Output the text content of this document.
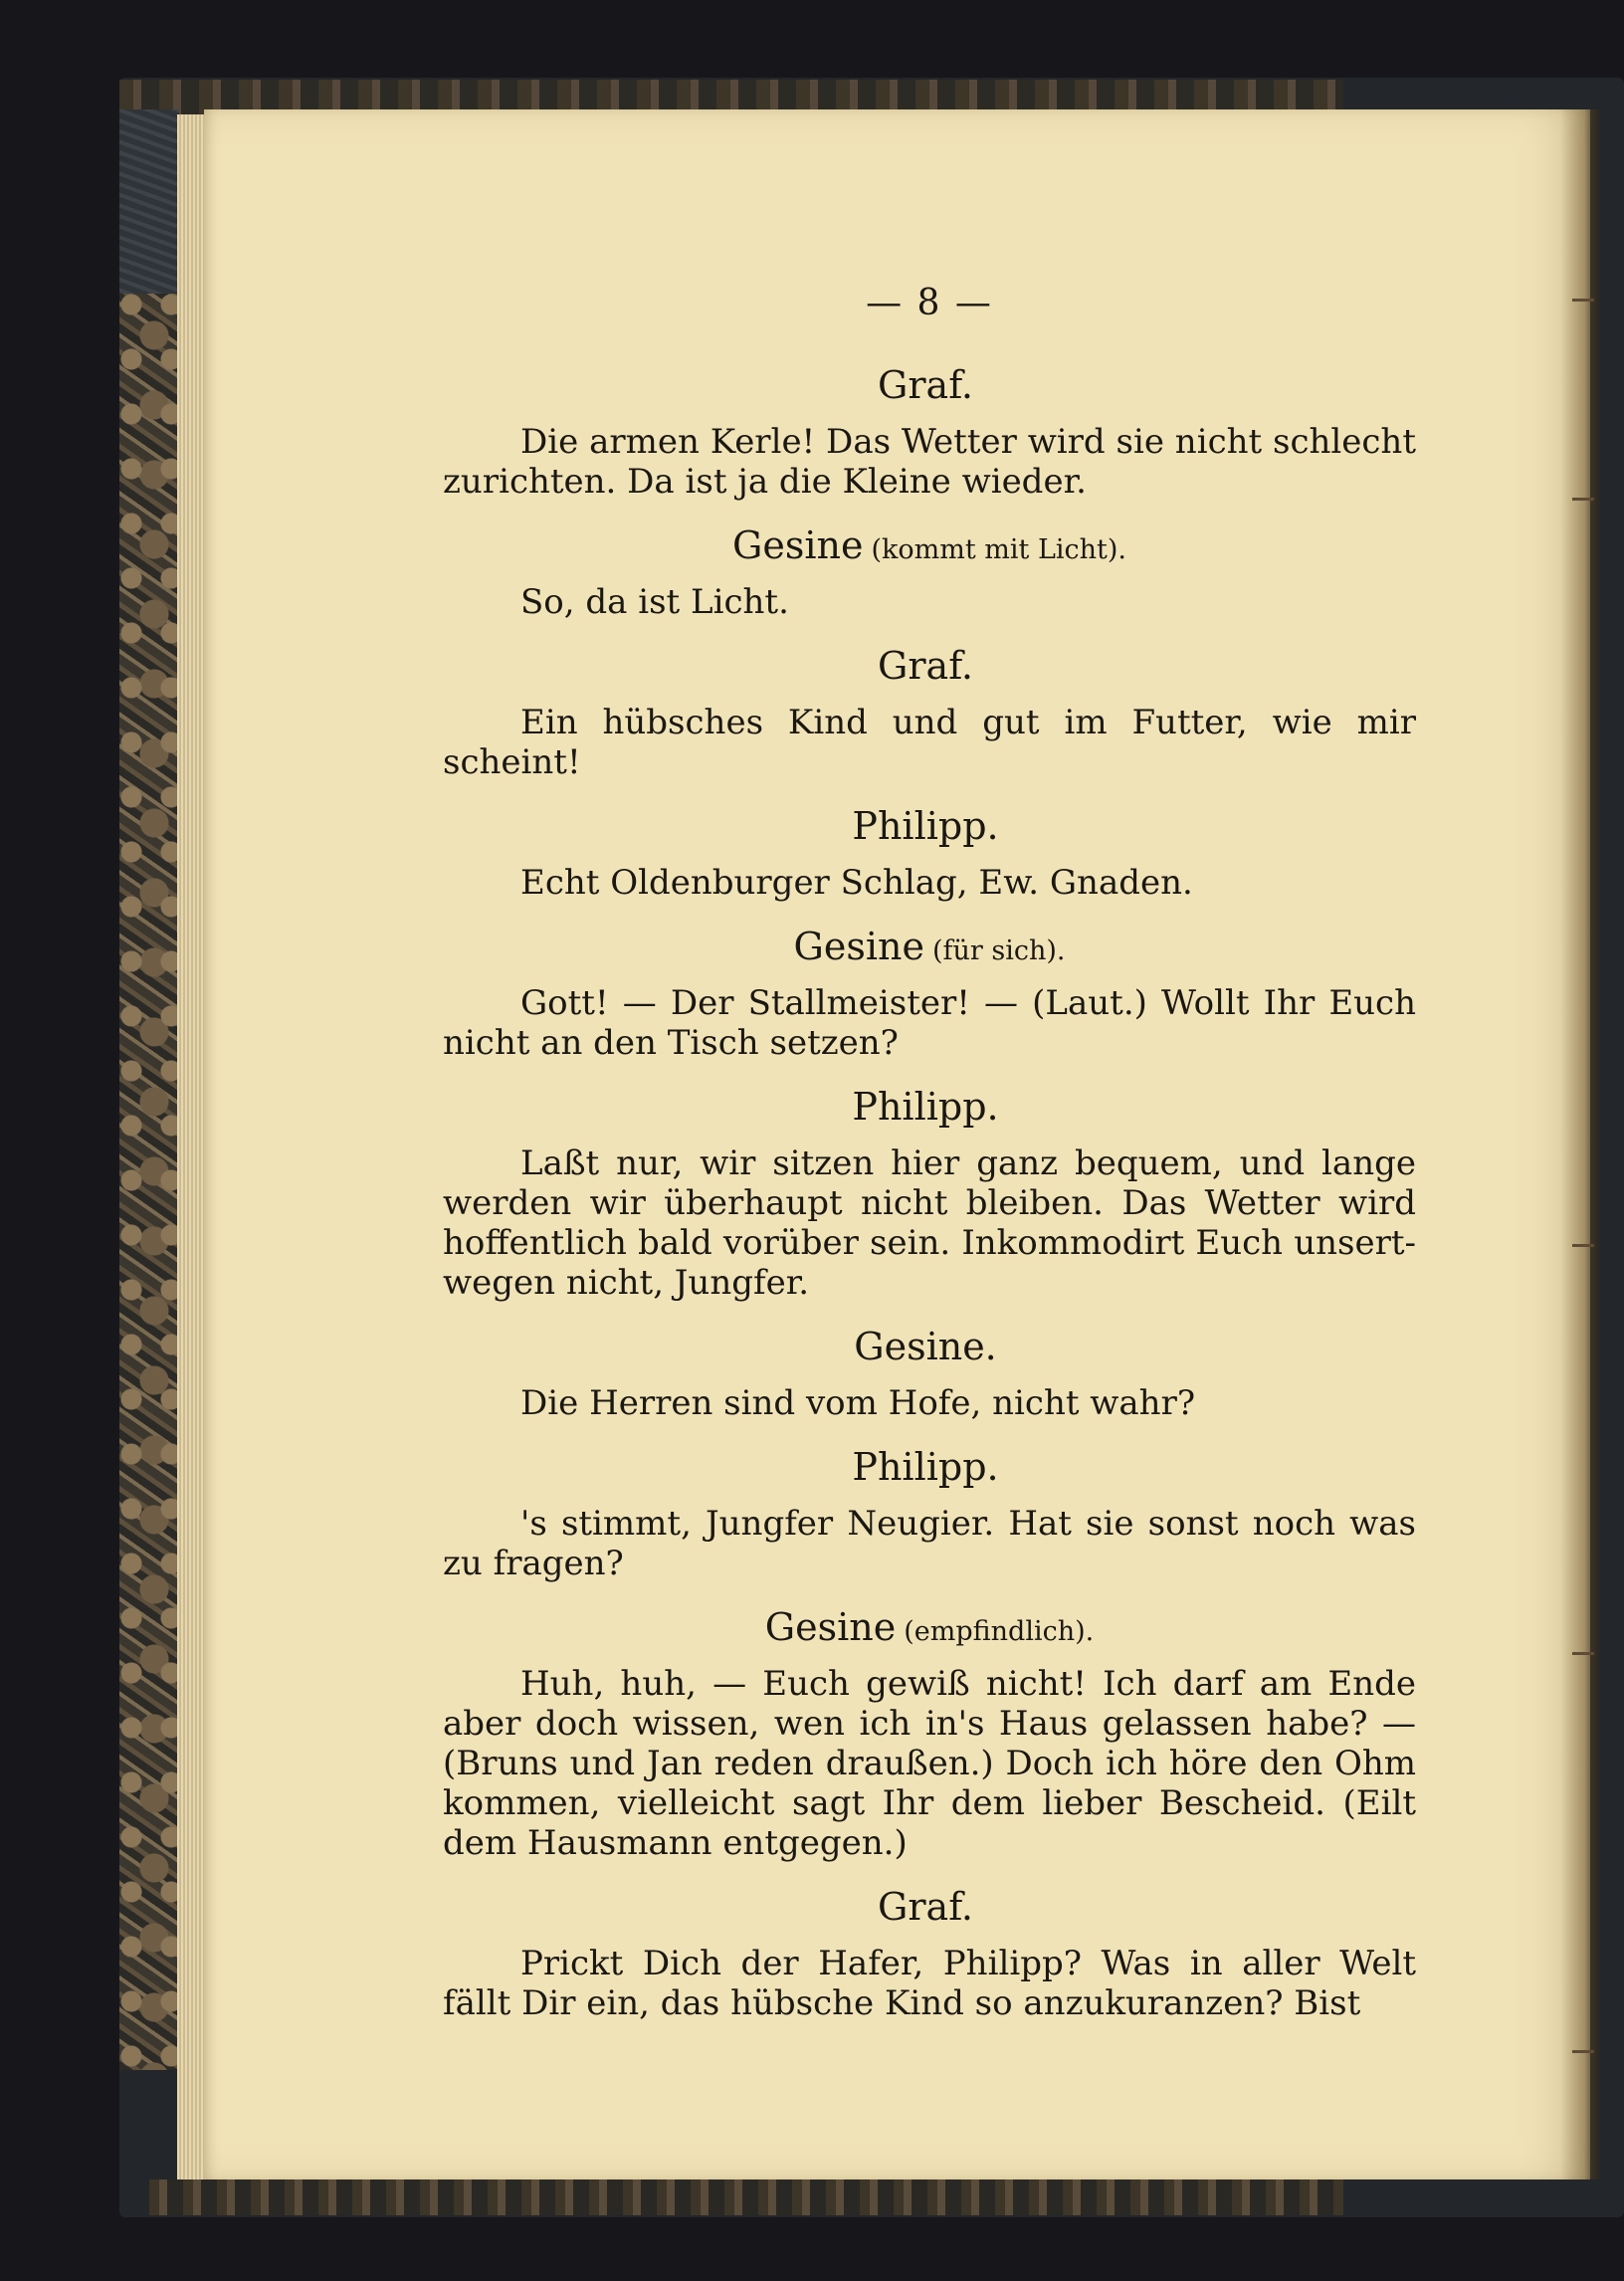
— 8 —
Graf.

Die armen Kerle! Das Wetter wird sie nicht schlecht zurichten. Da ist ja die Kleine wieder.

Gesine (kommt mit Licht).

So, da ist Licht.

Graf.

Ein hübsches Kind und gut im Futter, wie mir scheint!

Philipp.

Echt Oldenburger Schlag, Ew. Gnaden.

Gesine (für sich).

Gott! — Der Stallmeister! — (Laut.) Wollt Ihr Euch nicht an den Tisch setzen?

Philipp.

Laßt nur, wir sitzen hier ganz bequem, und lange werden wir überhaupt nicht bleiben. Das Wetter wird hoffentlich bald vorüber sein. Inkommodirt Euch unsert- wegen nicht, Jungfer.

Gesine.

Die Herren sind vom Hofe, nicht wahr?

Philipp.

's stimmt, Jungfer Neugier. Hat sie sonst noch was zu fragen?

Gesine (empfindlich).

Huh, huh, — Euch gewiß nicht! Ich darf am Ende aber doch wissen, wen ich in's Haus gelassen habe? — (Bruns und Jan reden draußen.) Doch ich höre den Ohm kommen, vielleicht sagt Ihr dem lieber Bescheid. (Eilt dem Hausmann entgegen.)

Graf.

Prickt Dich der Hafer, Philipp? Was in aller Welt fällt Dir ein, das hübsche Kind so anzukuranzen? Bist
